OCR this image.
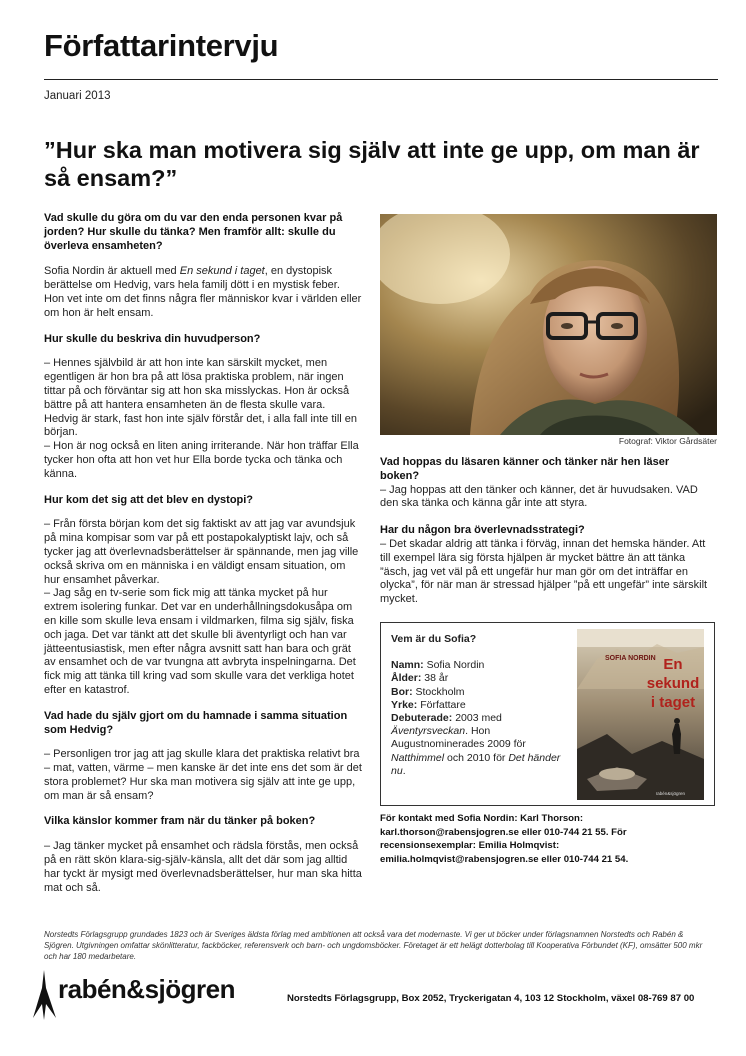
Författarintervju
Januari 2013
”Hur ska man motivera sig själv att inte ge upp, om man är så ensam?”

Vad skulle du göra om du var den enda personen kvar på jorden? Hur skulle du tänka? Men framför allt: skulle du överleva ensamheten?

Sofia Nordin är aktuell med En sekund i taget, en dystopisk berättelse om Hedvig, vars hela familj dött i en mystisk feber. Hon vet inte om det finns några fler människor kvar i världen eller om hon är helt ensam.

Hur skulle du beskriva din huvudperson?

– Hennes självbild är att hon inte kan särskilt mycket, men egentligen är hon bra på att lösa praktiska problem, när ingen tittar på och förväntar sig att hon ska misslyckas. Hon är också bättre på att hantera ensamheten än de flesta skulle vara. Hedvig är stark, fast hon inte själv förstår det, i alla fall inte till en början.
– Hon är nog också en liten aning irriterande. När hon träffar Ella tycker hon ofta att hon vet hur Ella borde tycka och tänka och känna.

Hur kom det sig att det blev en dystopi?

– Från första början kom det sig faktiskt av att jag var avundsjuk på mina kompisar som var på ett postapokalyptiskt lajv, och så tycker jag att överlevnadsberättelser är spännande, men jag ville också skriva om en människa i en väldigt ensam situation, om hur ensamhet påverkar.
– Jag såg en tv-serie som fick mig att tänka mycket på hur extrem isolering funkar. Det var en underhållningsdokusåpa om en kille som skulle leva ensam i vildmarken, filma sig själv, fiska och jaga. Det var tänkt att det skulle bli äventyrligt och han var jätteentusiastisk, men efter några avsnitt satt han bara och grät av ensamhet och de var tvungna att avbryta inspelningarna. Det fick mig att tänka till kring vad som skulle vara det verkliga hotet efter en katastrof.

Vad hade du själv gjort om du hamnade i samma situation som Hedvig?

– Personligen tror jag att jag skulle klara det praktiska relativt bra – mat, vatten, värme – men kanske är det inte ens det som är det stora problemet? Hur ska man motivera sig själv att inte ge upp, om man är så ensam?

Vilka känslor kommer fram när du tänker på boken?

– Jag tänker mycket på ensamhet och rädsla förstås, men också på en rätt skön klara-sig-själv-känsla, allt det där som jag alltid har tyckt är mysigt med överlevnadsberättelser, hur man ska hitta mat och så.

Fotograf: Viktor Gårdsäter

Vad hoppas du läsaren känner och tänker när hen läser boken?

– Jag hoppas att den tänker och känner, det är huvudsaken. VAD den ska tänka och känna går inte att styra.

Har du någon bra överlevnadsstrategi?

– Det skadar aldrig att tänka i förväg, innan det hemska händer. Att till exempel lära sig första hjälpen är mycket bättre än att tänka ”äsch, jag vet väl på ett ungefär hur man gör om det inträffar en olycka”, för när man är stressad hjälper ”på ett ungefär” inte särskilt mycket.

Vem är du Sofia?

Namn: Sofia Nordin

Ålder: 38 år

Bor: Stockholm

Yrke: Författare

Debuterade: 2003 med Äventyrsveckan. Hon Augustnominerades 2009 för Natthimmel och 2010 för Det händer nu.

SOFIA NORDIN En
sekund
i taget
rabén&sjögren
För kontakt med Sofia Nordin: Karl Thorson: karl.thorson@rabensjogren.se eller 010-744 21 55. För recensionsexemplar: Emilia Holmqvist: emilia.holmqvist@rabensjogren.se eller 010-744 21 54.
Norstedts Förlagsgrupp grundades 1823 och är Sveriges äldsta förlag med ambitionen att också vara det modernaste. Vi ger ut böcker under förlagsnamnen Norstedts och Rabén & Sjögren. Utgivningen omfattar skönlitteratur, fackböcker, referensverk och barn- och ungdomsböcker. Företaget är ett helägt dotterbolag till Kooperativa Förbundet (KF), omsätter 500 mkr och har 180 medarbetare.
rabén&sjögren	Norstedts Förlagsgrupp, Box 2052, Tryckerigatan 4, 103 12 Stockholm, växel 08-769 87 00
